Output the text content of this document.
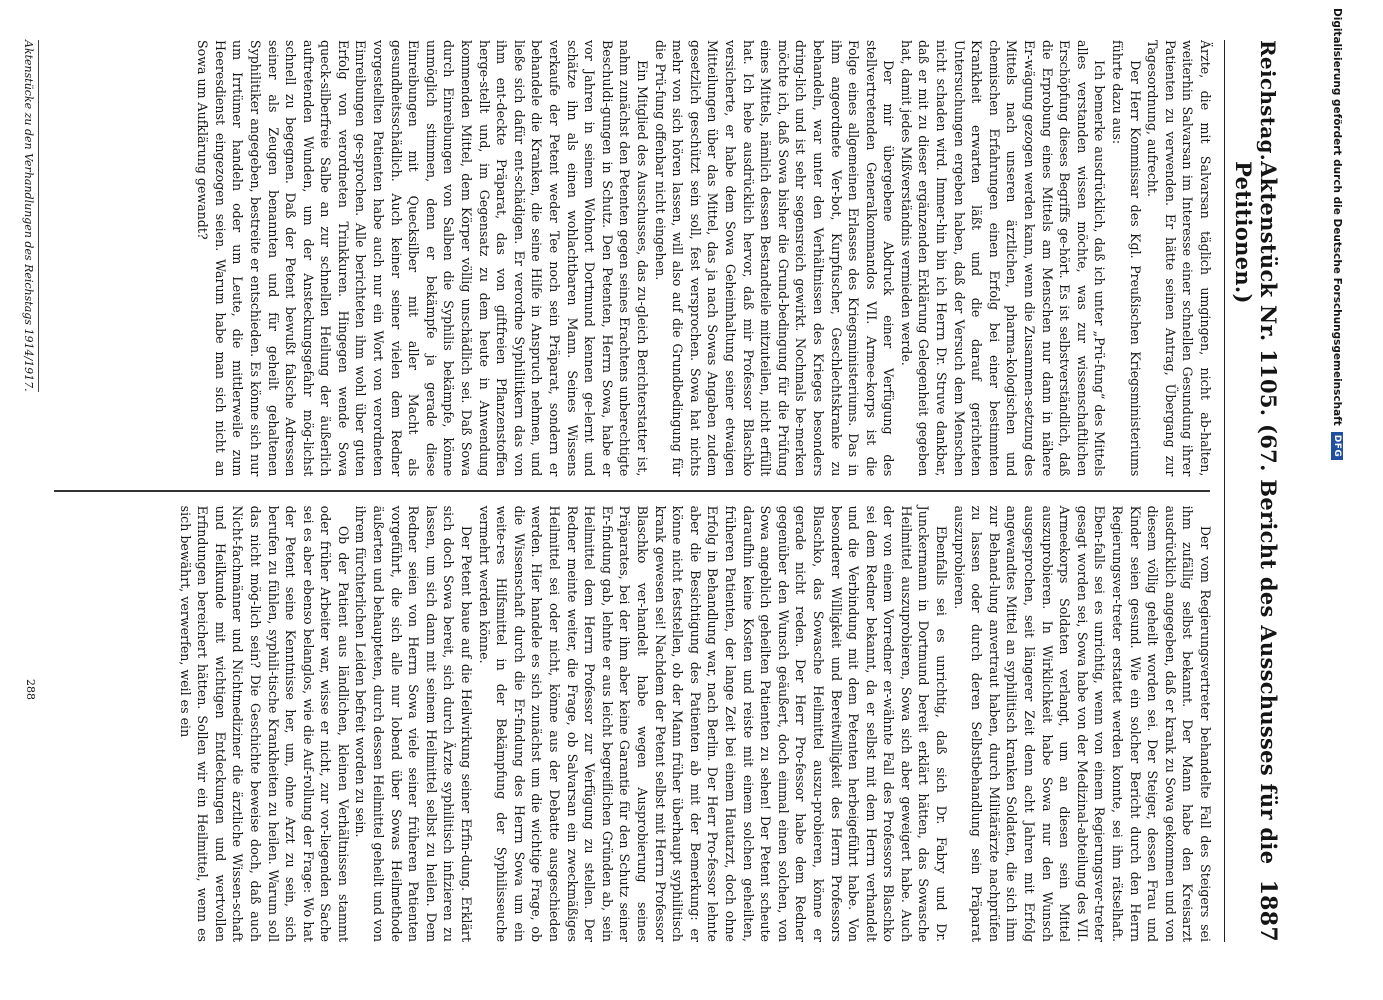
Reichstag.
Aktenstück Nr. 1105. (67. Bericht des Ausschusses für die Petitionen.)
1887

Ärzte, die mit Salvarsan täglich umgingen, nicht ab‑halten, weiterhin Salvarsan im Interesse einer schnellen Gesundung ihrer Patienten zu verwenden. Er hätte seinen Antrag, Übergang zur Tagesordnung, aufrecht.

Der Herr Kommissar des Kgl. Preußischen Kriegsministeriums führte dazu aus:

Ich bemerke ausdrücklich, daß ich unter „Prü‑fung“ des Mittels alles verstanden wissen möchte, was zur wissenschaftlichen Erschöpfung dieses Begriffs ge‑hört. Es ist selbstverständlich, daß die Erprobung eines Mittels am Menschen nur dann in nähere Er‑wägung gezogen werden kann, wenn die Zusammen‑setzung des Mittels nach unseren ärztlichen, pharma‑kologischen und chemischen Erfahrungen einen Erfolg bei einer bestimmten Krankheit erwarten läßt und die darauf gerichteten Untersuchungen ergeben haben, daß der Versuch dem Menschen nicht schaden wird. Immer‑hin bin ich Herrn Dr. Struve dankbar, daß er mit zu dieser ergänzenden Erklärung Gelegenheit gegeben hat, damit jedes Mißverständnis vermieden werde.

Der mir übergebene Abdruck einer Verfügung des stellvertretenden Generalkommandos VII. Armee‑korps ist die Folge eines allgemeinen Erlasses des Kriegsministeriums. Das in ihm angeordnete Ver‑bot, Kurpfuscher, Geschlechtskranke zu behandeln, war unter den Verhältnissen des Krieges besonders dring‑lich und ist sehr segensreich gewirkt. Nochmals be‑merken möchte ich, daß Sowa bisher die Grund‑bedingung für die Prüfung eines Mittels, nämlich dessen Bestandteile mitzuteilen, nicht erfüllt hat. Ich hebe ausdrücklich hervor, daß mir Professor Blaschko versicherte, er habe dem Sowa Geheimhaltung seiner etwaigen Mitteilungen über das Mittel, das ja nach Sowas Angaben zudem gesetzlich geschützt sein soll, fest versprochen. Sowa hat nichts mehr von sich hören lassen, will also auf die Grundbedingung für die Prü‑fung offenbar nicht eingehen.

Ein Mitglied des Ausschusses, das zu‑gleich Berichterstatter ist, nahm zunächst den Petenten gegen seines Erachtens unberechtigte Beschuldi‑gungen in Schutz. Den Petenten, Herrn Sowa, habe er vor Jahren in seinem Wohnort Dortmund kennen ge‑lernt und schätze ihn als einen wohlachtbaren Mann. Seines Wissens verkaufe der Petent weder Tee noch sein Präparat, sondern er behandele die Kranken, die seine Hilfe in Anspruch nehmen, und ließe sich dafür ent‑schädigen. Er verordne Syphilitikern das von ihm ent‑deckte Präparat, das von giftfreien Pflanzenstoffen herge‑stellt und, im Gegensatz zu dem heute in Anwendung kommenden Mittel, dem Körper völlig unschädlich sei. Daß Sowa durch Einreibungen von Salben die Syphilis bekämpfe, könne unmöglich stimmen, denn er bekämpfe ja gerade diese Einreibungen mit Quecksilber mit aller Macht als gesundheitsschädlich. Auch keiner seiner vielen dem Redner vorgestellten Patienten habe auch nur ein Wort von verordneten Einreibungen ge‑sprochen. Alle berichteten ihm wohl über guten Erfolg von verordneten Trinkkuren. Hingegen wende Sowa queck‑silberfreie Salbe an zur schnellen Heilung der äußerlich auftretenden Wunden, um der Ansteckungsgefahr mög‑lichst schnell zu begegnen. Daß der Petent bewußt falsche Adressen seiner als Zeugen benannten und für geheilt gehaltenen Syphilitiker angegeben, bestreite er entschieden. Es könne sich nur um Irrtümer handeln oder um Leute, die mittlerweile zum Heeresdienst eingezogen seien. Warum habe man sich nicht an Sowa um Aufklärung gewandt?

Der vom Regierungsvertreter behandelte Fall des Steigers sei ihm zufällig selbst bekannt. Der Mann habe den Kreisarzt ausdrücklich angegeben, daß er krank zu Sowa gekommen und von diesem völlig geheilt worden sei. Der Steiger, dessen Frau und Kinder seien gesund. Wie ein solcher Bericht durch den Herrn Regierungsver‑treter erstattet werden konnte, sei ihm rätselhaft. Eben‑falls sei es unrichtig, wenn von einem Regierungsver‑treter gesagt worden sei, Sowa habe von der Medizinal‑abteilung des VII. Armeekorps Soldaten verlangt, um an diesen sein Mittel auszuprobieren. In Wirklichkeit habe Sowa nur den Wunsch ausgesprochen, seit längerer Zeit denn acht Jahren mit Erfolg angewandtes Mittel an syphilitisch kranken Soldaten, die sich ihm zur Behand‑lung anvertraut haben, durch Militärärzte nachprüfen zu lassen oder durch deren Selbstbehandlung sein Präparat auszuprobieren.

Ebenfalls sei es unrichtig, daß sich Dr. Fabry und Dr. Junckermann in Dortmund bereit erklärt hätten, das Sowasche Heilmittel auszuprobieren, Sowa sich aber geweigert habe. Auch der von einem Vorredner er‑wähnte Fall des Professors Blaschko sei dem Redner bekannt, da er selbst mit dem Herrn verhandelt und die Verbindung mit dem Petenten herbeigeführt habe. Von besonderer Willigkeit und Bereitwilligkeit des Herrn Professors Blaschko, das Sowasche Heilmittel auszu‑probieren, könne er gerade nicht reden. Der Herr Pro‑fessor habe dem Redner gegenüber den Wunsch geäußert, doch einmal einen solchen, von Sowa angeblich geheilten Patienten zu sehen! Der Petent scheute daraufhin keine Kosten und reiste mit einem solchen geheilten, früheren Patienten, der lange Zeit bei einem Hautarzt, doch ohne Erfolg in Behandlung war, nach Berlin. Der Herr Pro‑fessor lehnte aber die Besichtigung des Patienten ab mit der Bemerkung: er könne nicht feststellen, ob der Mann früher überhaupt syphilitisch krank gewesen sei! Nachdem der Petent selbst mit Herrn Professor Blaschko ver‑handelt habe wegen Ausprobierung seines Präparates, bei der ihm aber keine Garantie für den Schutz seiner Er‑findung gab, lehnte er aus leicht begreiflichen Gründen ab, sein Heilmittel dem Herrn Professor zur Verfügung zu stellen. Der Redner meinte weiter, die Frage, ob Salvarsan ein zweckmäßiges Heilmittel sei oder nicht, könne aus der Debatte ausgeschieden werden. Hier handele es sich zunächst um die wichtige Frage, ob die Wissenschaft durch die Er‑findung des Herrn Sowa um ein weite‑res Hilfsmittel in der Bekämpfung der Syphilisseuche vermehrt werden könne.

Der Petent baue auf die Heilwirkung seiner Erfin‑dung. Erklärt sich doch Sowa bereit, sich durch Ärzte syphilitisch infizieren zu lassen, um sich dann mit seinem Heilmittel selbst zu heilen. Dem Redner seien von Herrn Sowa viele seiner früheren Patienten vorgeführt, die sich alle nur lobend über Sowas Heilmethode äußerten und behaupteten, durch dessen Heilmittel geheilt und von ihrem fürchterlichen Leiden befreit worden zu sein.

Ob der Patient aus ländlichen, kleinen Verhältnissen stammt oder früher Arbeiter war, wisse er nicht, zur vor‑liegenden Sache sei es aber ebenso belanglos, wie die Auf‑rollung der Frage: Wo hat der Petent seine Kenntnisse her, um, ohne Arzt zu sein, sich berufen zu fühlen, syphili‑tische Krankheiten zu heilen. Warum soll das nicht mög‑lich sein? Die Geschichte beweise doch, daß auch Nicht‑fachmänner und Nichtmediziner die ärztliche Wissen‑schaft und Heilkunde mit wichtigen Entdeckungen und wertvollen Erfindungen bereichert hätten. Sollen wir ein Heilmittel, wenn es sich bewährt, verwerfen, weil es ein

Aktenstücke zu den Verhandlungen des Reichstags 1914/1917.
288
Digitalisierung gefördert durch die Deutsche Forschungsgemeinschaft
DFG
